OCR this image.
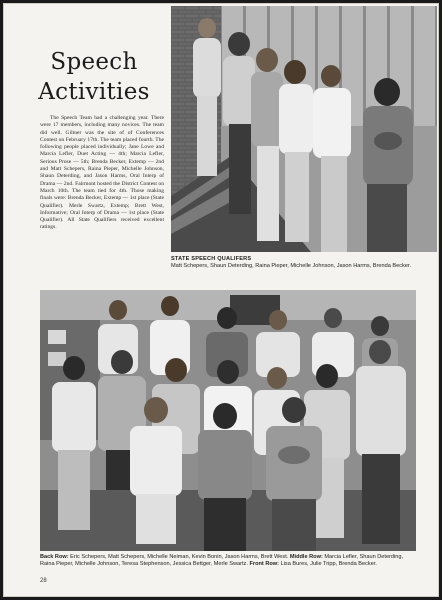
Speech
Activities
The Speech Team had a challenging year. There were 17 members, including many novices. The team did well. Giltner was the site of of Conferences Contest on February 17th. The team placed fourth. The following people placed individually; Jane Lowe and Marcia Lefler, Duet Acting — 4th; Marcia Lefler, Serious Prose — 5th; Brenda Becker, Extemp — 2nd and Matt Schepers, Raina Pieper, Michelle Johnson, Shaun Deterding, and Jason Harms, Oral Interp of Drama — 2nd. Fairmont hosted the District Contest on March 10th. The team tied for 4th. Those making finals were: Brenda Becker, Extemp — 1st place (State Qualifier). Merle Swartz, Extemp; Brett West, Informative; Oral Interp of Drama — 1st place (State Qualifier). All State Qualifiers received excellent ratings.
STATE SPEECH QUALIFERS
Matt Schepers, Shaun Deterding, Raina Pieper, Michelle Johnson, Jason Harms, Brenda Becker.
Back Row: Eric Schepers, Matt Schepers, Michelle Neiman, Kevin Bonin, Jason Harms, Brett West. Middle Row: Marcia Lefler, Shaun Deterding, Raina Pieper, Michelle Johnson, Teresa Stephenson, Jessica Bettger, Merle Swartz. Front Row: Lisa Bures, Julie Tripp, Brenda Becker.
28
